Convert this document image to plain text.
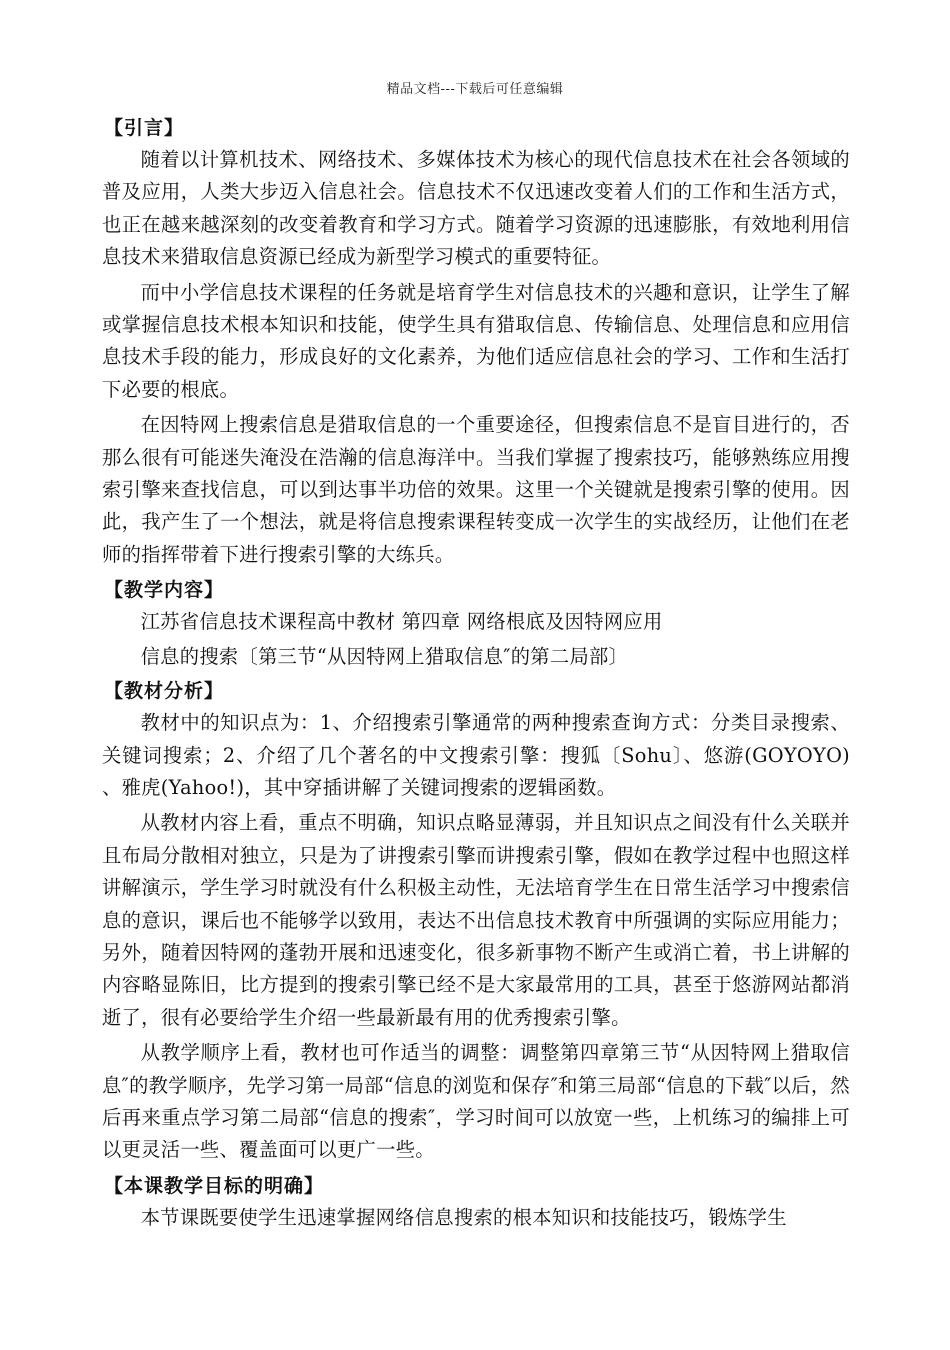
精品文档---下载后可任意编辑
【引言】

随着以计算机技术、网络技术、多媒体技术为核心的现代信息技术在社会各领域的普及应用，人类大步迈入信息社会。信息技术不仅迅速改变着人们的工作和生活方式，也正在越来越深刻的改变着教育和学习方式。随着学习资源的迅速膨胀，有效地利用信息技术来猎取信息资源已经成为新型学习模式的重要特征。

而中小学信息技术课程的任务就是培育学生对信息技术的兴趣和意识，让学生了解或掌握信息技术根本知识和技能，使学生具有猎取信息、传输信息、处理信息和应用信息技术手段的能力，形成良好的文化素养，为他们适应信息社会的学习、工作和生活打下必要的根底。

在因特网上搜索信息是猎取信息的一个重要途径，但搜索信息不是盲目进行的，否那么很有可能迷失淹没在浩瀚的信息海洋中。当我们掌握了搜索技巧，能够熟练应用搜索引擎来查找信息，可以到达事半功倍的效果。这里一个关键就是搜索引擎的使用。因此，我产生了一个想法，就是将信息搜索课程转变成一次学生的实战经历，让他们在老师的指挥带着下进行搜索引擎的大练兵。

【教学内容】

江苏省信息技术课程高中教材 第四章 网络根底及因特网应用

信息的搜索〔第三节“从因特网上猎取信息″的第二局部〕

【教材分析】

教材中的知识点为：1、介绍搜索引擎通常的两种搜索查询方式：分类目录搜索、关键词搜索；2、介绍了几个著名的中文搜索引擎：搜狐〔Sohu〕、悠游(GOYOYO) 、雅虎(Yahoo!)，其中穿插讲解了关键词搜索的逻辑函数。

从教材内容上看，重点不明确，知识点略显薄弱，并且知识点之间没有什么关联并且布局分散相对独立，只是为了讲搜索引擎而讲搜索引擎，假如在教学过程中也照这样讲解演示，学生学习时就没有什么积极主动性，无法培育学生在日常生活学习中搜索信息的意识，课后也不能够学以致用，表达不出信息技术教育中所强调的实际应用能力；另外，随着因特网的蓬勃开展和迅速变化，很多新事物不断产生或消亡着，书上讲解的内容略显陈旧，比方提到的搜索引擎已经不是大家最常用的工具，甚至于悠游网站都消逝了，很有必要给学生介绍一些最新最有用的优秀搜索引擎。

从教学顺序上看，教材也可作适当的调整：调整第四章第三节“从因特网上猎取信息″的教学顺序，先学习第一局部“信息的浏览和保存″和第三局部“信息的下载″以后，然后再来重点学习第二局部“信息的搜索″，学习时间可以放宽一些，上机练习的编排上可以更灵活一些、覆盖面可以更广一些。

【本课教学目标的明确】

本节课既要使学生迅速掌握网络信息搜索的根本知识和技能技巧，锻炼学生
